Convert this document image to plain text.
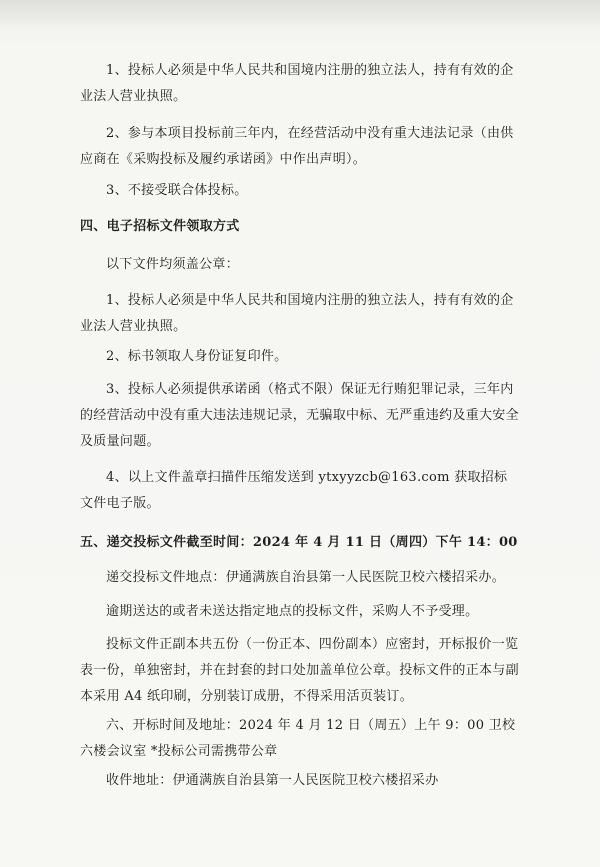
1、投标人必须是中华人民共和国境内注册的独立法人，持有有效的企业法人营业执照。

2、参与本项目投标前三年内，在经营活动中没有重大违法记录（由供应商在《采购投标及履约承诺函》中作出声明）。

3、不接受联合体投标。

四、电子招标文件领取方式

以下文件均须盖公章：

1、投标人必须是中华人民共和国境内注册的独立法人，持有有效的企业法人营业执照。

2、标书领取人身份证复印件。

3、投标人必须提供承诺函（格式不限）保证无行贿犯罪记录，三年内的经营活动中没有重大违法违规记录，无骗取中标、无严重违约及重大安全及质量问题。

4、以上文件盖章扫描件压缩发送到 ytxyyzcb@163.com 获取招标文件电子版。

五、递交投标文件截至时间：2024 年 4 月 11 日（周四）下午 14：00

递交投标文件地点：伊通满族自治县第一人民医院卫校六楼招采办。

逾期送达的或者未送达指定地点的投标文件，采购人不予受理。

投标文件正副本共五份（一份正本、四份副本）应密封，开标报价一览表一份，单独密封，并在封套的封口处加盖单位公章。投标文件的正本与副本采用 A4 纸印刷，分别装订成册，不得采用活页装订。

六、开标时间及地址：2024 年 4 月 12 日（周五）上午 9：00 卫校六楼会议室 *投标公司需携带公章

收件地址：伊通满族自治县第一人民医院卫校六楼招采办
